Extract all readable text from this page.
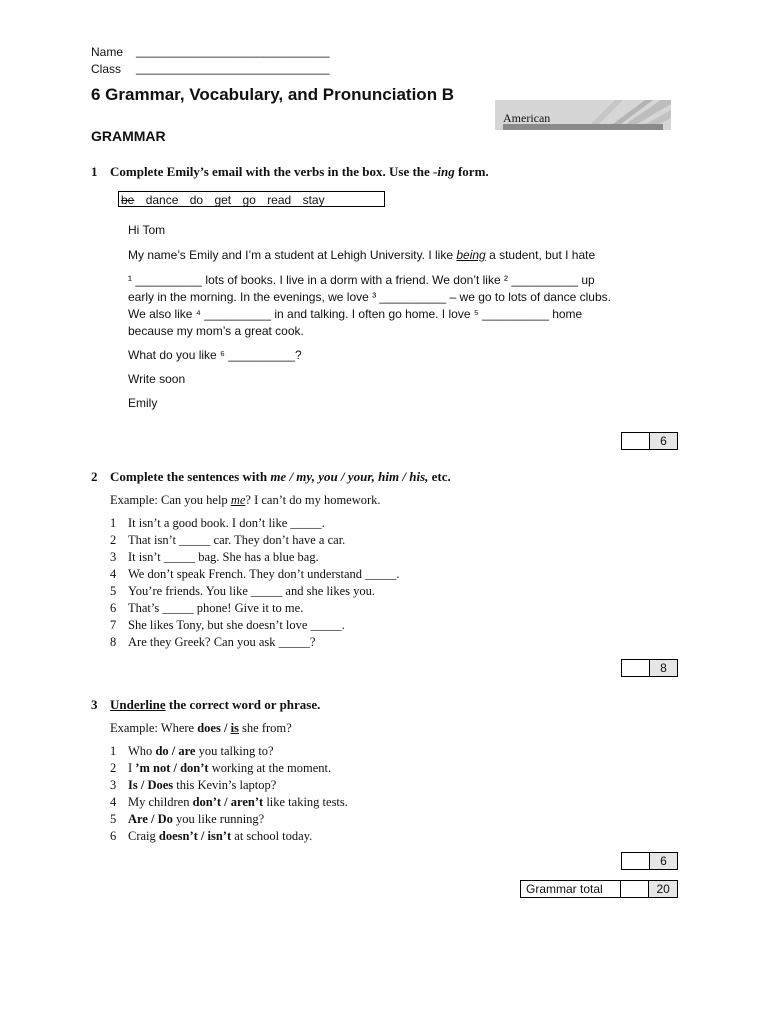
Name _____________________________
Class _____________________________
6 Grammar, Vocabulary, and Pronunciation B
American
GRAMMAR
1 Complete Emily’s email with the verbs in the box. Use the -ing form.
be dance do get go read stay

Hi Tom

My name’s Emily and I’m a student at Lehigh University. I like being a student, but I hate

¹ __________ lots of books. I live in a dorm with a friend. We don’t like ² __________ up

early in the morning. In the evenings, we love ³ __________ – we go to lots of dance clubs.

We also like ⁴ __________ in and talking. I often go home. I love ⁵ __________ home

because my mom’s a great cook.

What do you like ⁶ __________?

Write soon

Emily

6
2 Complete the sentences with me / my, you / your, him / his, etc.
Example: Can you help me? I can’t do my homework.
1 It isn’t a good book. I don’t like _____.
2 That isn’t _____ car. They don’t have a car.
3 It isn’t _____ bag. She has a blue bag.
4 We don’t speak French. They don’t understand _____.
5 You’re friends. You like _____ and she likes you.
6 That’s _____ phone! Give it to me.
7 She likes Tony, but she doesn’t love _____.
8 Are they Greek? Can you ask _____?
8
3 Underline the correct word or phrase.
Example: Where does / is she from?
1 Who do / are you talking to?
2 I ’m not / don’t working at the moment.
3 Is / Does this Kevin’s laptop?
4 My children don’t / aren’t like taking tests.
5 Are / Do you like running?
6 Craig doesn’t / isn’t at school today.
6
Grammar total	20
